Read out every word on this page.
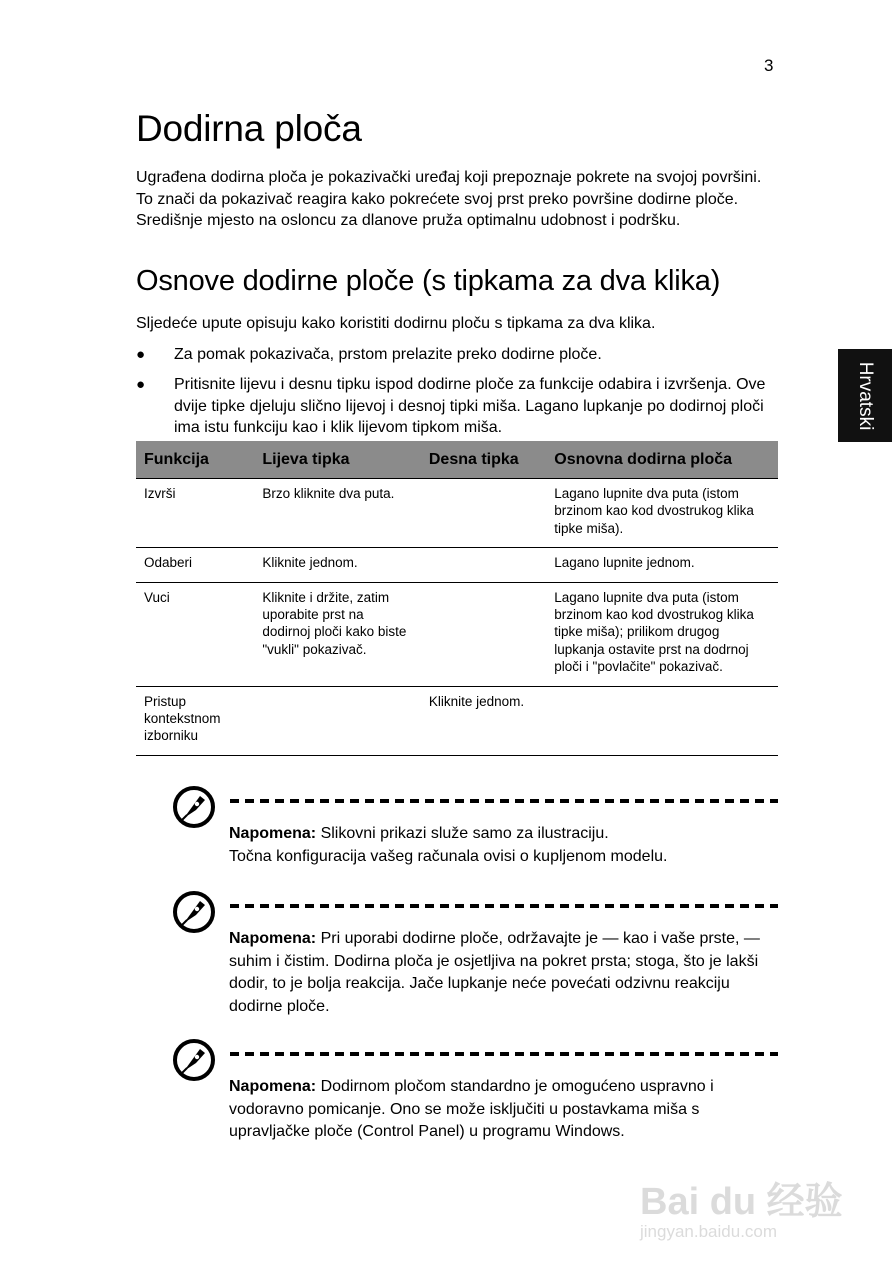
3
Dodirna ploča

Ugrađena dodirna ploča je pokazivački uređaj koji prepoznaje pokrete na svojoj površini. To znači da pokazivač reagira kako pokrećete svoj prst preko površine dodirne ploče. Središnje mjesto na osloncu za dlanove pruža optimalnu udobnost i podršku.

Osnove dodirne ploče (s tipkama za dva klika)

Sljedeće upute opisuju kako koristiti dodirnu ploču s tipkama za dva klika.

● Za pomak pokazivača, prstom prelazite preko dodirne ploče.
● Pritisnite lijevu i desnu tipku ispod dodirne ploče za funkcije odabira i izvršenja. Ove dvije tipke djeluju slično lijevoj i desnoj tipki miša. Lagano lupkanje po dodirnoj ploči ima istu funkciju kao i klik lijevom tipkom miša.	Hrvatski
Funkcija	Lijeva tipka	Desna tipka	Osnovna dodirna ploča
Izvrši	Brzo kliknite dva puta.		Lagano lupnite dva puta (istom brzinom kao kod dvostrukog klika tipke miša).
Odaberi	Kliknite jednom.		Lagano lupnite jednom.
Vuci	Kliknite i držite, zatim uporabite prst na dodirnoj ploči kako biste "vukli" pokazivač.		Lagano lupnite dva puta (istom brzinom kao kod dvostrukog klika tipke miša); prilikom drugog lupkanja ostavite prst na dodrnoj ploči i "povlačite" pokazivač.
Pristup kontekstnom izborniku		Kliknite jednom.	
Napomena: Slikovni prikazi služe samo za ilustraciju.
Točna konfiguracija vašeg računala ovisi o kupljenom modelu.
Napomena: Pri uporabi dodirne ploče, održavajte je — kao i vaše prste, — suhim i čistim. Dodirna ploča je osjetljiva na pokret prsta; stoga, što je lakši dodir, to je bolja reakcija. Jače lupkanje neće povećati odzivnu reakciju dodirne ploče.
Napomena: Dodirnom pločom standardno je omogućeno uspravno i vodoravno pomicanje. Ono se može isključiti u postavkama miša s upravljačke ploče (Control Panel) u programu Windows.
Bai du 经验
jingyan.baidu.com
